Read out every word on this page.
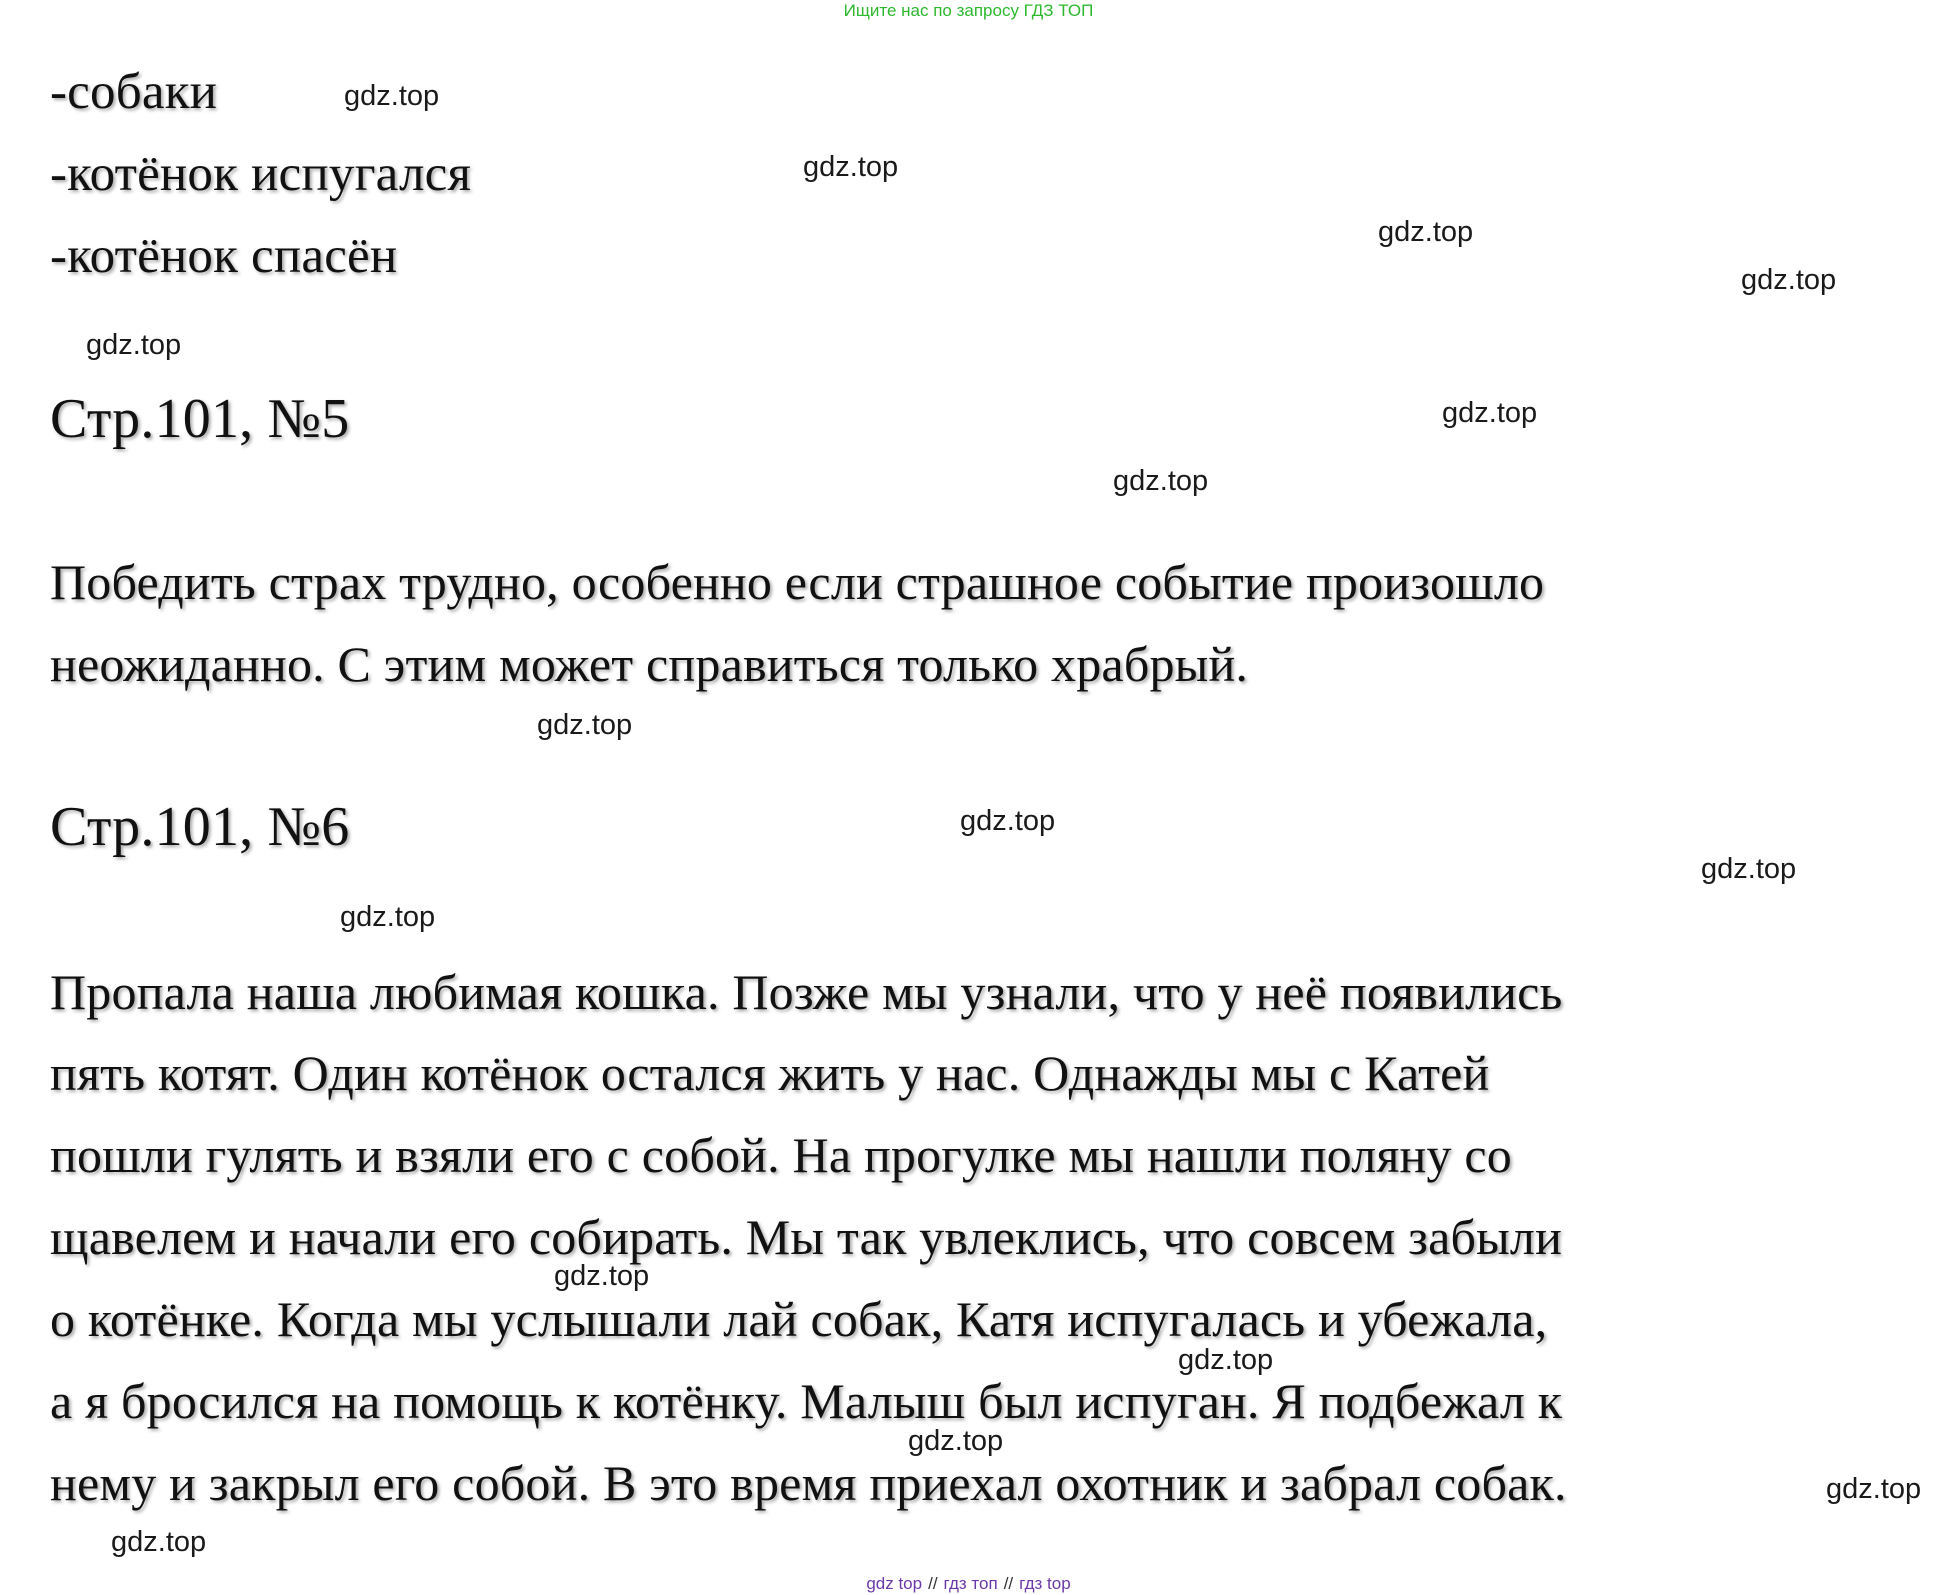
Ищите нас по запросу ГДЗ ТОП
-собаки
-котёнок испугался
-котёнок спасён
Стр.101, №5
Победить страх трудно, особенно если страшное событие произошло
неожиданно. С этим может справиться только храбрый.
Стр.101, №6
Пропала наша любимая кошка. Позже мы узнали, что у неё появились
пять котят. Один котёнок остался жить у нас. Однажды мы с Катей
пошли гулять и взяли его с собой. На прогулке мы нашли поляну со
щавелем и начали его собирать. Мы так увлеклись, что совсем забыли
о котёнке. Когда мы услышали лай собак, Катя испугалась и убежала,
а я бросился на помощь к котёнку. Малыш был испуган. Я подбежал к
нему и закрыл его собой. В это время приехал охотник и забрал собак.
gdz.top
gdz.top
gdz.top
gdz.top
gdz.top
gdz.top
gdz.top
gdz.top
gdz.top
gdz.top
gdz.top
gdz.top
gdz.top
gdz.top
gdz.top
gdz.top
gdz top // гдз топ // гдз top
